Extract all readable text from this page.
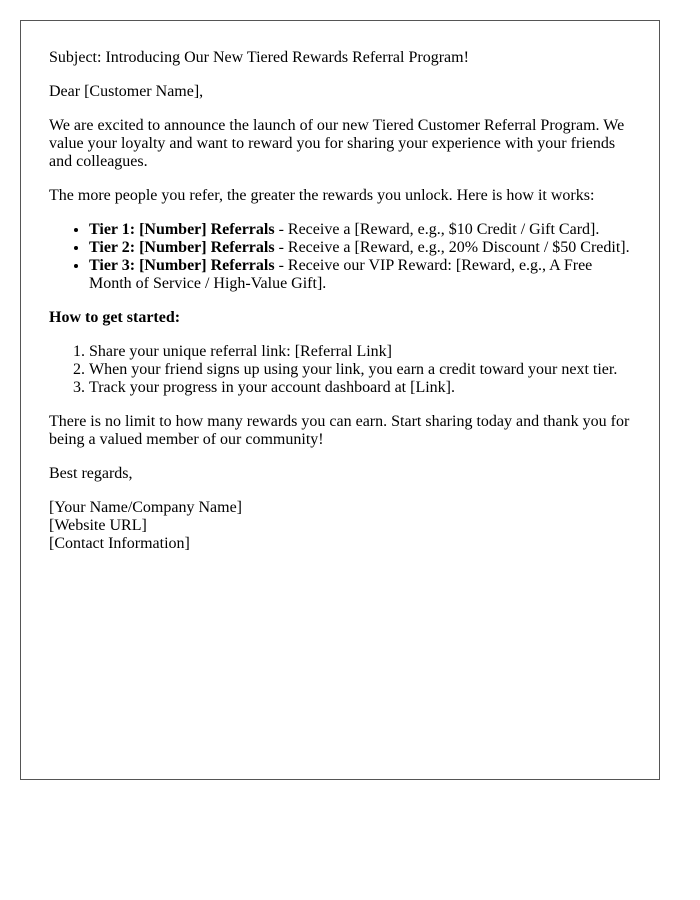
Subject: Introducing Our New Tiered Rewards Referral Program!

Dear [Customer Name],

We are excited to announce the launch of our new Tiered Customer Referral Program. We value your loyalty and want to reward you for sharing your experience with your friends and colleagues.

The more people you refer, the greater the rewards you unlock. Here is how it works:

• Tier 1: [Number] Referrals - Receive a [Reward, e.g., $10 Credit / Gift Card].
• Tier 2: [Number] Referrals - Receive a [Reward, e.g., 20% Discount / $50 Credit].
• Tier 3: [Number] Referrals - Receive our VIP Reward: [Reward, e.g., A Free Month of Service / High-Value Gift].

How to get started:

1. Share your unique referral link: [Referral Link]
2. When your friend signs up using your link, you earn a credit toward your next tier.
3. Track your progress in your account dashboard at [Link].

There is no limit to how many rewards you can earn. Start sharing today and thank you for being a valued member of our community!

Best regards,

[Your Name/Company Name]

[Website URL]

[Contact Information]
